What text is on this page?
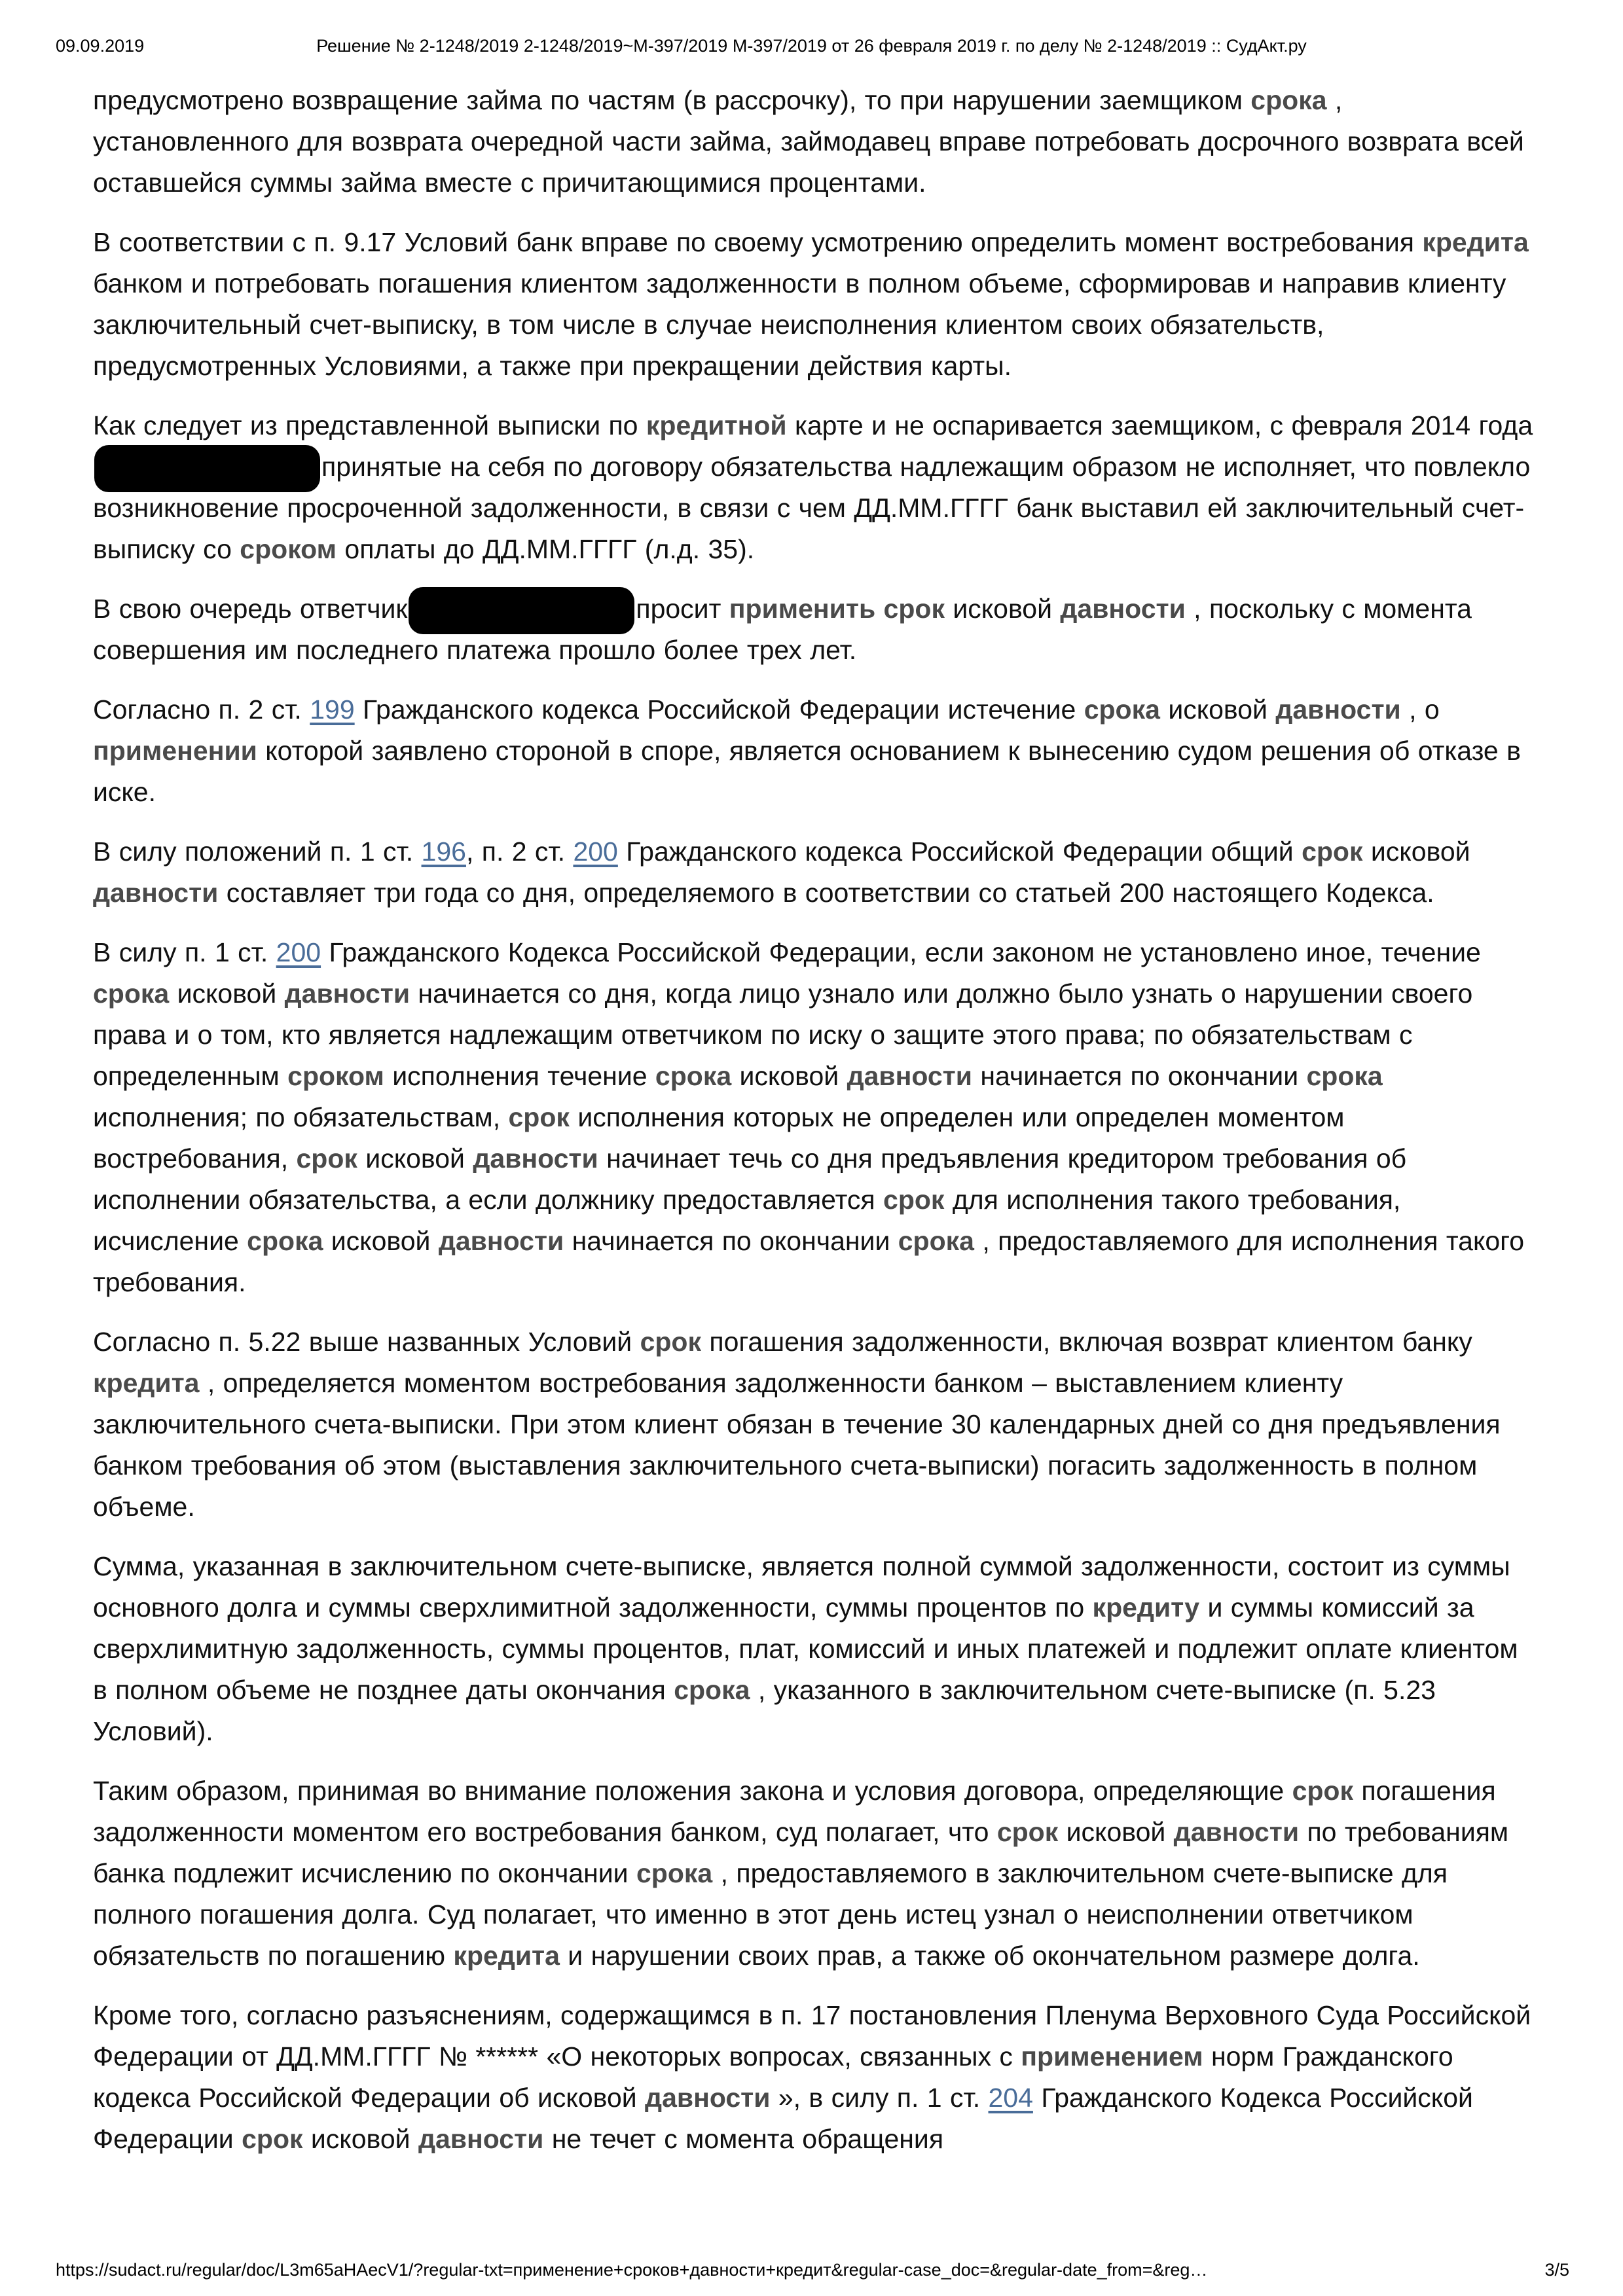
09.09.2019	Решение № 2-1248/2019 2-1248/2019~М-397/2019 М-397/2019 от 26 февраля 2019 г. по делу № 2-1248/2019 :: СудАкт.ру

предусмотрено возвращение займа по частям (в рассрочку), то при нарушении заемщиком срока , установленного для возврата очередной части займа, займодавец вправе потребовать досрочного возврата всей оставшейся суммы займа вместе с причитающимися процентами.

В соответствии с п. 9.17 Условий банк вправе по своему усмотрению определить момент востребования кредита банком и потребовать погашения клиентом задолженности в полном объеме, сформировав и направив клиенту заключительный счет-выписку, в том числе в случае неисполнения клиентом своих обязательств, предусмотренных Условиями, а также при прекращении действия карты.

Как следует из представленной выписки по кредитной карте и не оспаривается заемщиком, с февраля 2014 годапринятые на себя по договору обязательства надлежащим образом не исполняет, что повлекло возникновение просроченной задолженности, в связи с чем ДД.ММ.ГГГГ банк выставил ей заключительный счет-выписку со сроком оплаты до ДД.ММ.ГГГГ (л.д. 35).

В свою очередь ответчик	просит применить срок исковой давности , поскольку с момента совершения им последнего платежа прошло более трех лет.

Согласно п. 2 ст. 199 Гражданского кодекса Российской Федерации истечение срока исковой давности , о применении которой заявлено стороной в споре, является основанием к вынесению судом решения об отказе в иске.

В силу положений п. 1 ст. 196, п. 2 ст. 200 Гражданского кодекса Российской Федерации общий срок исковой давности составляет три года со дня, определяемого в соответствии со статьей 200 настоящего Кодекса.

В силу п. 1 ст. 200 Гражданского Кодекса Российской Федерации, если законом не установлено иное, течение срока исковой давности начинается со дня, когда лицо узнало или должно было узнать о нарушении своего права и о том, кто является надлежащим ответчиком по иску о защите этого права; по обязательствам с определенным сроком исполнения течение срока исковой давности начинается по окончании срока исполнения; по обязательствам, срок исполнения которых не определен или определен моментом востребования, срок исковой давности начинает течь со дня предъявления кредитором требования об исполнении обязательства, а если должнику предоставляется срок для исполнения такого требования, исчисление срока исковой давности начинается по окончании срока , предоставляемого для исполнения такого требования.

Согласно п. 5.22 выше названных Условий срок погашения задолженности, включая возврат клиентом банку кредита , определяется моментом востребования задолженности банком – выставлением клиенту заключительного счета-выписки. При этом клиент обязан в течение 30 календарных дней со дня предъявления банком требования об этом (выставления заключительного счета-выписки) погасить задолженность в полном объеме.

Сумма, указанная в заключительном счете-выписке, является полной суммой задолженности, состоит из суммы основного долга и суммы сверхлимитной задолженности, суммы процентов по кредиту и суммы комиссий за сверхлимитную задолженность, суммы процентов, плат, комиссий и иных платежей и подлежит оплате клиентом в полном объеме не позднее даты окончания срока , указанного в заключительном счете-выписке (п. 5.23 Условий).

Таким образом, принимая во внимание положения закона и условия договора, определяющие срок погашения задолженности моментом его востребования банком, суд полагает, что срок исковой давности по требованиям банка подлежит исчислению по окончании срока , предоставляемого в заключительном счете-выписке для полного погашения долга. Суд полагает, что именно в этот день истец узнал о неисполнении ответчиком обязательств по погашению кредита и нарушении своих прав, а также об окончательном размере долга.

Кроме того, согласно разъяснениям, содержащимся в п. 17 постановления Пленума Верховного Суда Российской Федерации от ДД.ММ.ГГГГ № ****** «О некоторых вопросах, связанных с применением норм Гражданского кодекса Российской Федерации об исковой давности », в силу п. 1 ст. 204 Гражданского Кодекса Российской Федерации срок исковой давности не течет с момента обращения

https://sudact.ru/regular/doc/L3m65aHAecV1/?regular-txt=применение+сроков+давности+кредит&regular-case_doc=&regular-date_from=&reg…	3/5
